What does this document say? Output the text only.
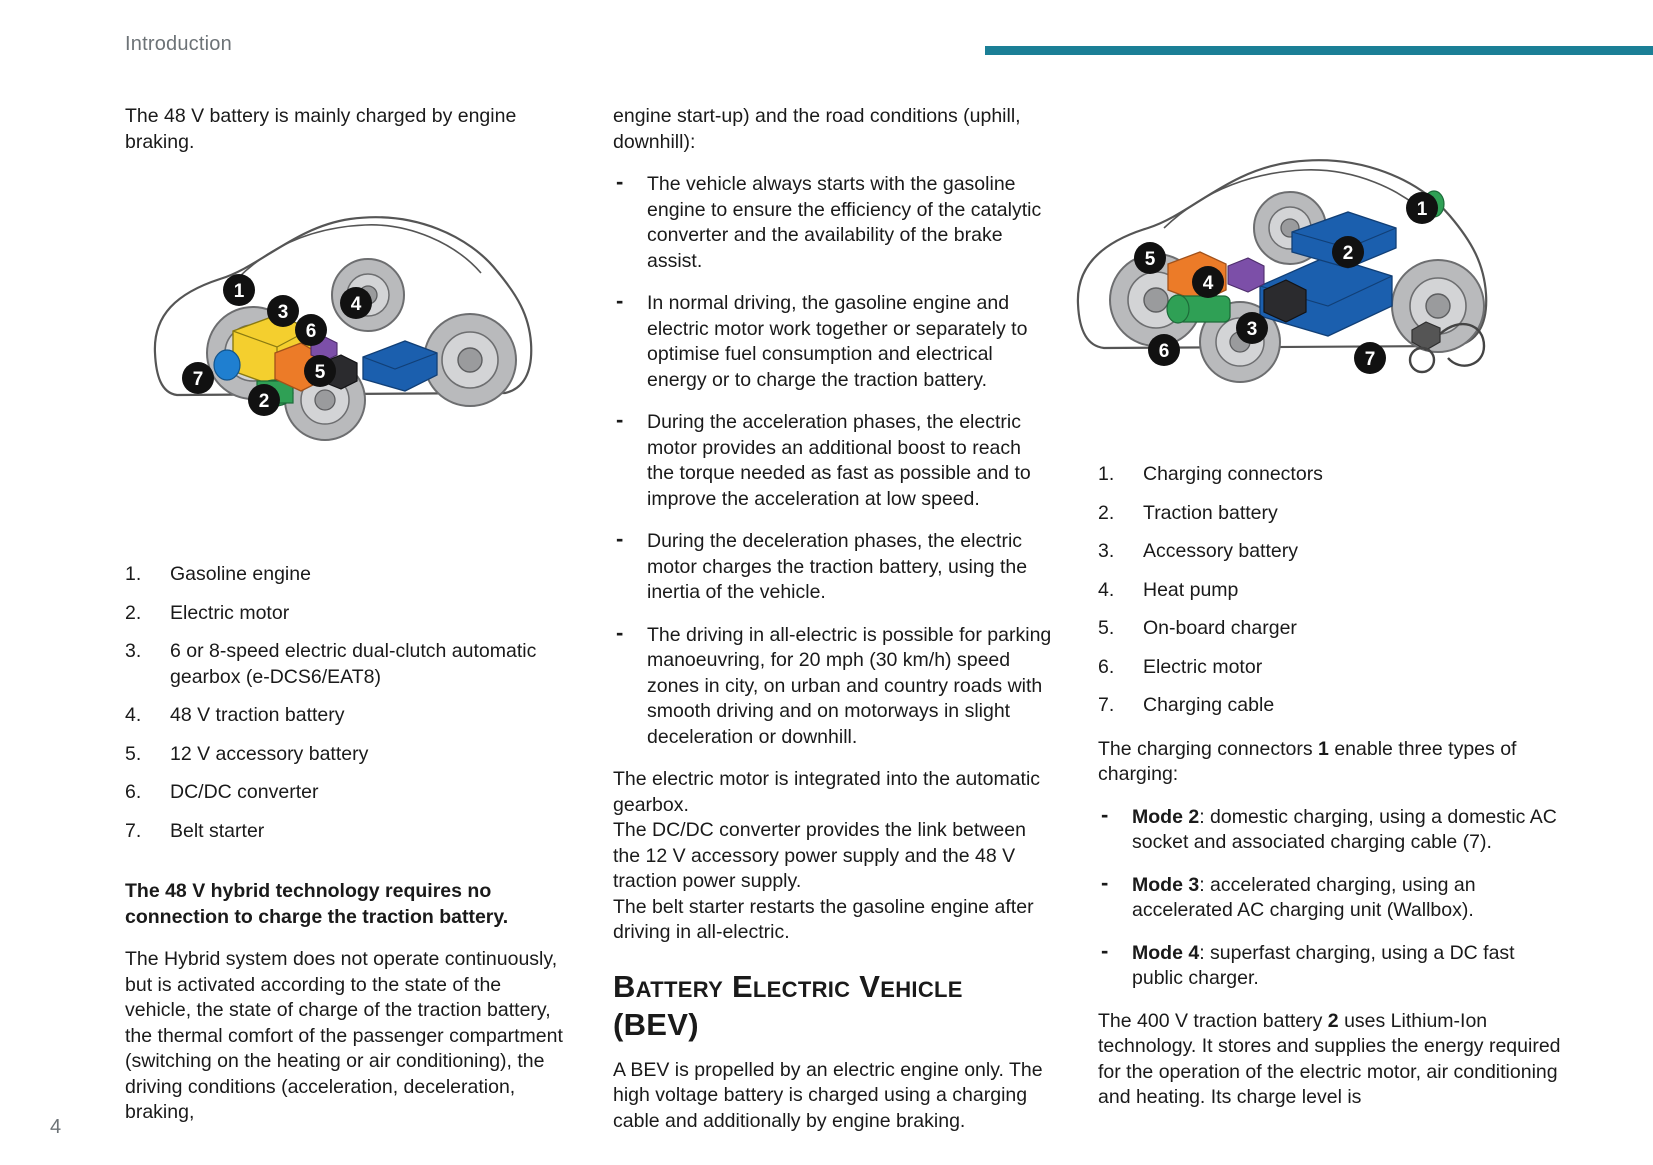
Introduction
4

The 48 V battery is mainly charged by engine braking.

1.	Gasoline engine
2.	Electric motor
3.	6 or 8-speed electric dual-clutch automatic gearbox (e-DCS6/EAT8)
4.	48 V traction battery
5.	12 V accessory battery
6.	DC/DC converter
7.	Belt starter

The 48 V hybrid technology requires no connection to charge the traction battery.

The Hybrid system does not operate continuously, but is activated according to the state of the vehicle, the state of charge of the traction battery, the thermal comfort of the passenger compartment (switching on the heating or air conditioning), the driving conditions (acceleration, deceleration, braking,

1
3	4
6
5
7
2

engine start-up) and the road conditions (uphill, downhill):

- The vehicle always starts with the gasoline engine to ensure the efficiency of the catalytic converter and the availability of the brake assist.
- In normal driving, the gasoline engine and electric motor work together or separately to optimise fuel consumption and electrical energy or to charge the traction battery.
- During the acceleration phases, the electric motor provides an additional boost to reach the torque needed as fast as possible and to improve the acceleration at low speed.
- During the deceleration phases, the electric motor charges the traction battery, using the inertia of the vehicle.
- The driving in all-electric is possible for parking manoeuvring, for 20 mph (30 km/h) speed zones in city, on urban and country roads with smooth driving and on motorways in slight deceleration or downhill.

The electric motor is integrated into the automatic gearbox.

The DC/DC converter provides the link between the 12 V accessory power supply and the 48 V traction power supply.

The belt starter restarts the gasoline engine after driving in all-electric.

Battery Electric Vehicle (BEV)

A BEV is propelled by an electric engine only. The high voltage battery is charged using a charging cable and additionally by engine braking.

1
5	2
4
3
6	7
1.	Charging connectors
2.	Traction battery
3.	Accessory battery
4.	Heat pump
5.	On-board charger
6.	Electric motor
7.	Charging cable

The charging connectors 1 enable three types of charging:

- Mode 2: domestic charging, using a domestic AC socket and associated charging cable (7).
- Mode 3: accelerated charging, using an accelerated AC charging unit (Wallbox).
- Mode 4: superfast charging, using a DC fast public charger.

The 400 V traction battery 2 uses Lithium-Ion technology. It stores and supplies the energy required for the operation of the electric motor, air conditioning and heating. Its charge level is
